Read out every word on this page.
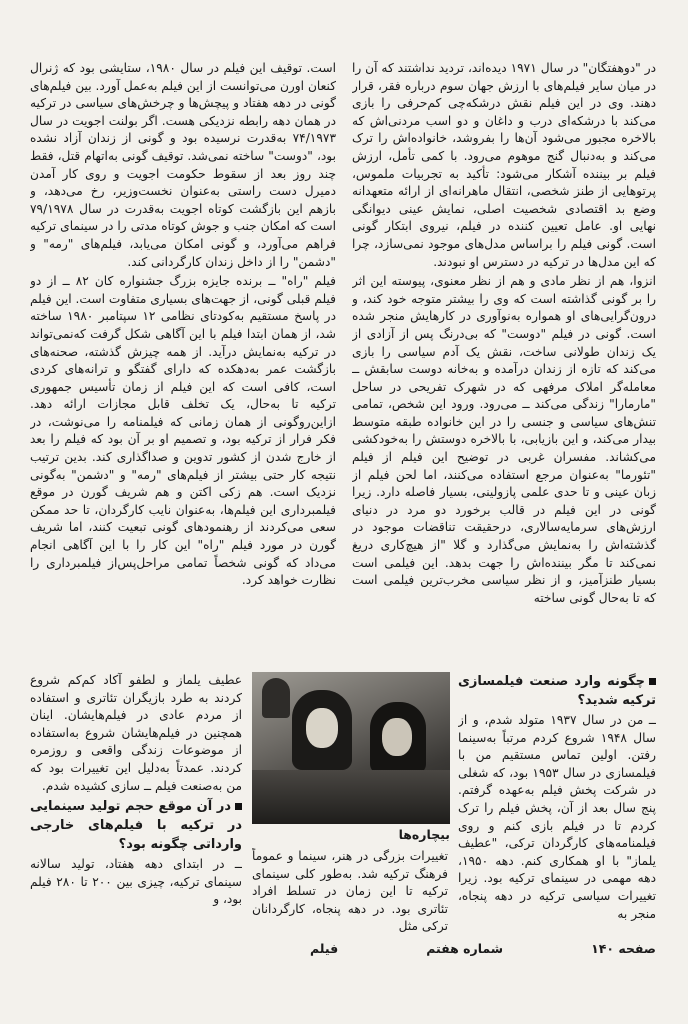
در "دوهفتگان" در سال ۱۹۷۱ دیده‌اند، تردید نداشتند که آن را در میان سایر فیلم‌های با ارزش جهان سوم درباره فقر، قرار دهند. وی در این فیلم نقش درشکه‌چی کم‌حرفی را بازی می‌کند با درشکه‌ای درب و داغان و دو اسب مردنی‌اش که بالاخره مجبور می‌شود آن‌ها را بفروشد، خانواده‌اش را ترک می‌کند و به‌دنبال گنج موهوم می‌رود. با کمی تأمل، ارزش فیلم بر بیننده آشکار می‌شود: تأکید به تجربیات ملموس، پرتوهایی از طنز شخصی، انتقال ماهرانه‌ای از ارائه متعهدانه وضع بد اقتصادی شخصیت اصلی، نمایش عینی دیوانگی نهایی او. عامل تعیین کننده در فیلم، نیروی ابتکار گونی است. گونی فیلم را براساس مدل‌های موجود نمی‌سازد، چرا که این مدل‌ها در ترکیه در دسترس او نبودند.

انزوا، هم از نظر مادی و هم از نظر معنوی، پیوسته این اثر را بر گونی گذاشته است که وی را بیشتر متوجه خود کند، و درون‌گرایی‌های او همواره به‌نوآوری در کارهایش منجر شده است. گونی در فیلم "دوست" که بی‌درنگ پس از آزادی از یک زندان طولانی ساخت، نقش یک آدم سیاسی را بازی می‌کند که تازه از زندان درآمده و به‌خانه دوست سابقش ــ معامله‌گر املاک مرفهی که در شهرک تفریحی در ساحل "مارمارا" زندگی می‌کند ــ می‌رود. ورود این شخص، تمامی تنش‌های سیاسی و جنسی را در این خانواده طبقه متوسط بیدار می‌کند، و این بازیابی، با بالاخره دوستش را به‌خودکشی می‌کشاند. مفسران غربی در توضیح این فیلم از فیلم "تئورما" به‌عنوان مرجع استفاده می‌کنند، اما لحن فیلم از زبان عینی و تا حدی علمی پازولینی، بسیار فاصله دارد. زیرا گونی در این فیلم در قالب برخورد دو مرد در دنیای ارزش‌های سرمایه‌سالاری، درحقیقت تناقضات موجود در گذشته‌اش را به‌نمایش می‌گذارد و گلا "از هیچ‌کاری دریغ نمی‌کند تا مگر بیننده‌اش را جهت بدهد. این فیلمی است بسیار طنزآمیز، و از نظر سیاسی مخرب‌ترین فیلمی است که تا به‌حال گونی ساخته

است. توقیف این فیلم در سال ۱۹۸۰، ستایشی بود که ژنرال کنعان اورن می‌توانست از این فیلم به‌عمل آورد. بین فیلم‌های گونی در دهه هفتاد و پیچش‌ها و چرخش‌های سیاسی در ترکیه در همان دهه رابطه نزدیکی هست. اگر بولنت اجویت در سال ۷۴/۱۹۷۳ به‌قدرت نرسیده بود و گونی از زندان آزاد نشده بود، "دوست" ساخته نمی‌شد. توقیف گونی به‌اتهام قتل، فقط چند روز بعد از سقوط حکومت اجویت و روی کار آمدن دمیرل دست راستی به‌عنوان نخست‌وزیر، رخ می‌دهد، و بازهم این بازگشت کوتاه اجویت به‌قدرت در سال ۷۹/۱۹۷۸ است که امکان جنب و جوش کوتاه مدتی را در سینمای ترکیه فراهم می‌آورد، و گونی امکان می‌یابد، فیلم‌های "رمه" و "دشمن" را از داخل زندان کارگردانی کند.

فیلم "راه" ــ برنده جایزه بزرگ جشنواره کان ۸۲ ــ از دو فیلم قبلی گونی، از جهت‌های بسیاری متفاوت است. این فیلم در پاسخ مستقیم به‌کودتای نظامی ۱۲ سپتامبر ۱۹۸۰ ساخته شد، از همان ابتدا فیلم با این آگاهی شکل گرفت که‌نمی‌تواند در ترکیه به‌نمایش درآید. از همه چیزش گذشته، صحنه‌های بازگشت عمر به‌دهکده که دارای گفتگو و ترانه‌های کردی است، کافی است که این فیلم از زمان تأسیس جمهوری ترکیه تا به‌حال، یک تخلف قابل مجازات ارائه دهد. ازاین‌روگونی از همان زمانی که فیلمنامه را می‌نوشت، در فکر فرار از ترکیه بود، و تصمیم او بر آن بود که فیلم را بعد از خارج شدن از کشور تدوین و صداگذاری کند. بدین ترتیب نتیجه کار حتی بیشتر از فیلم‌های "رمه" و "دشمن" به‌گونی نزدیک است. هم زکی اکتن و هم شریف گورن در موقع فیلمبرداری این فیلم‌ها، به‌عنوان نایب کارگردان، تا حد ممکن سعی می‌کردند از رهنمودهای گونی تبعیت کنند، اما شریف گورن در مورد فیلم "راه" این کار را با این آگاهی انجام می‌داد که گونی شخصاً تمامی مراحل‌پس‌از فیلمبرداری را نظارت خواهد کرد.

چگونه وارد صنعت فیلمسازی ترکیه شدید؟

ــ من در سال ۱۹۳۷ متولد شدم، و از سال ۱۹۴۸ شروع کردم مرتباً به‌سینما رفتن. اولین تماس مستقیم من با فیلمسازی در سال ۱۹۵۳ بود، که شغلی در شرکت پخش فیلم به‌عهده گرفتم. پنج سال بعد از آن، پخش فیلم را ترک کردم تا در فیلم بازی کنم و روی فیلمنامه‌های کارگردان ترکی، "عطیف یلماز" با او همکاری کنم. دهه ۱۹۵۰، دهه مهمی در سینمای ترکیه بود. زیرا تغییرات سیاسی ترکیه در دهه پنجاه، منجر به

بیچاره‌ها

تغییرات بزرگی در هنر، سینما و عموماً فرهنگ ترکیه شد. به‌طور کلی سینمای ترکیه تا این زمان در تسلط افراد تئاتری بود. در دهه پنجاه، کارگردانان ترکی مثل

عطیف یلماز و لطفو آکاد کم‌کم شروع کردند به طرد بازیگران تئاتری و استفاده از مردم عادی در فیلم‌هایشان. اینان همچنین در فیلم‌هایشان شروع به‌استفاده از موضوعات زندگی واقعی و روزمره کردند. عمدتاً به‌دلیل این تغییرات بود که من به‌صنعت فیلم ــ سازی کشیده شدم.

در آن موقع حجم تولید سینمایی در ترکیه با فیلم‌های خارجی وارداتی چگونه بود؟

ــ در ابتدای دهه هفتاد، تولید سالانه سینمای ترکیه، چیزی بین ۲۰۰ تا ۲۸۰ فیلم بود، و

صفحه ۱۴۰
شماره هفتم
فیلم
